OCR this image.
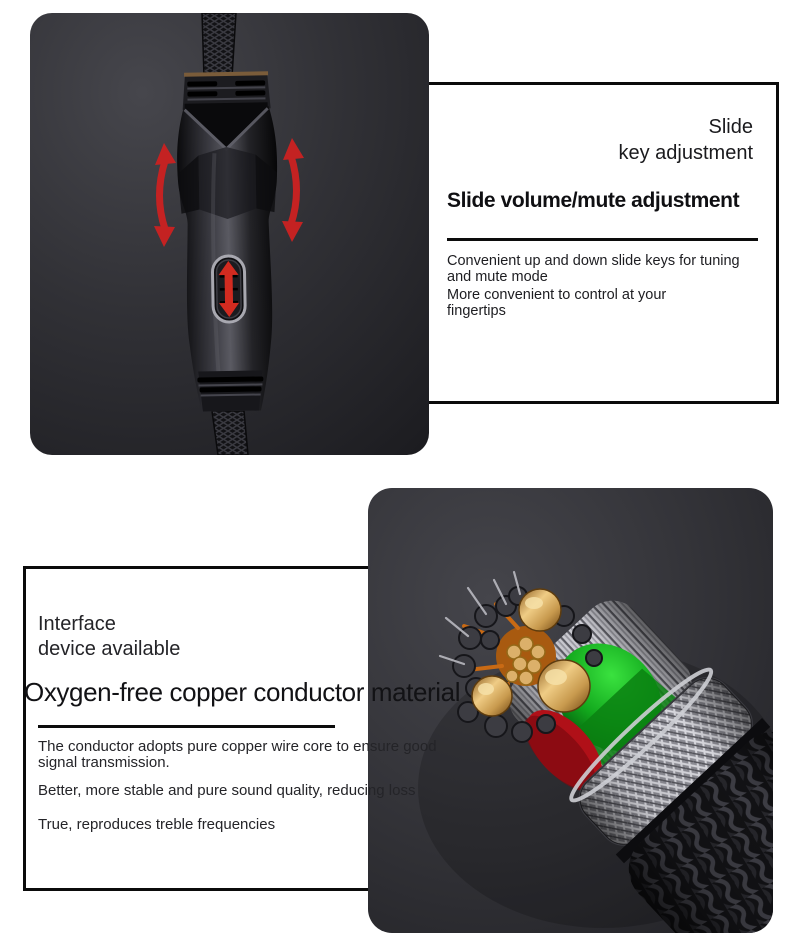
Slide
key adjustment
Slide volume/mute adjustment
Convenient up and down slide keys for tuning
and mute mode
More convenient to control at your
fingertips
Interface
device available
Oxygen-free copper conductor material
The conductor adopts pure copper wire core to ensure good
signal transmission.
Better, more stable and pure sound quality, reducing loss
True, reproduces treble frequencies
